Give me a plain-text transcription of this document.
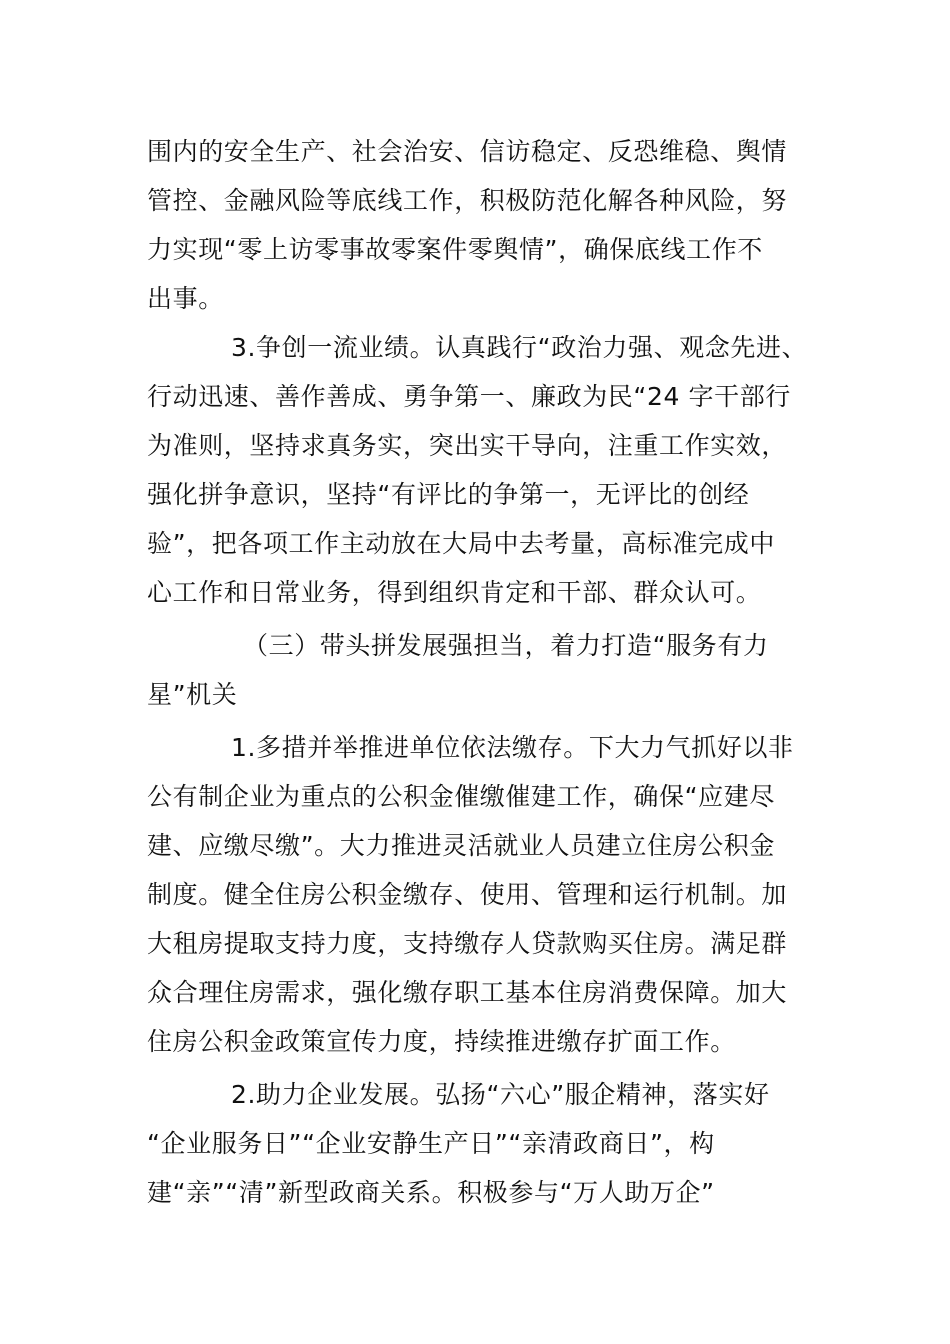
围内的安全生产、社会治安、信访稳定、反恐维稳、舆情
管控、金融风险等底线工作，积极防范化解各种风险，努
力实现“零上访零事故零案件零舆情”，确保底线工作不
出事。
3.争创一流业绩。认真践行“政治力强、观念先进、
行动迅速、善作善成、勇争第一、廉政为民“24 字干部行
为准则，坚持求真务实，突出实干导向，注重工作实效，
强化拼争意识，坚持“有评比的争第一，无评比的创经
验”，把各项工作主动放在大局中去考量，高标准完成中
心工作和日常业务，得到组织肯定和干部、群众认可。
（三）带头拼发展强担当，着力打造“服务有力
星”机关
1.多措并举推进单位依法缴存。下大力气抓好以非
公有制企业为重点的公积金催缴催建工作，确保“应建尽
建、应缴尽缴”。大力推进灵活就业人员建立住房公积金
制度。健全住房公积金缴存、使用、管理和运行机制。加
大租房提取支持力度，支持缴存人贷款购买住房。满足群
众合理住房需求，强化缴存职工基本住房消费保障。加大
住房公积金政策宣传力度，持续推进缴存扩面工作。
2.助力企业发展。弘扬“六心”服企精神，落实好
“企业服务日”“企业安静生产日”“亲清政商日”，构
建“亲”“清”新型政商关系。积极参与“万人助万企”
